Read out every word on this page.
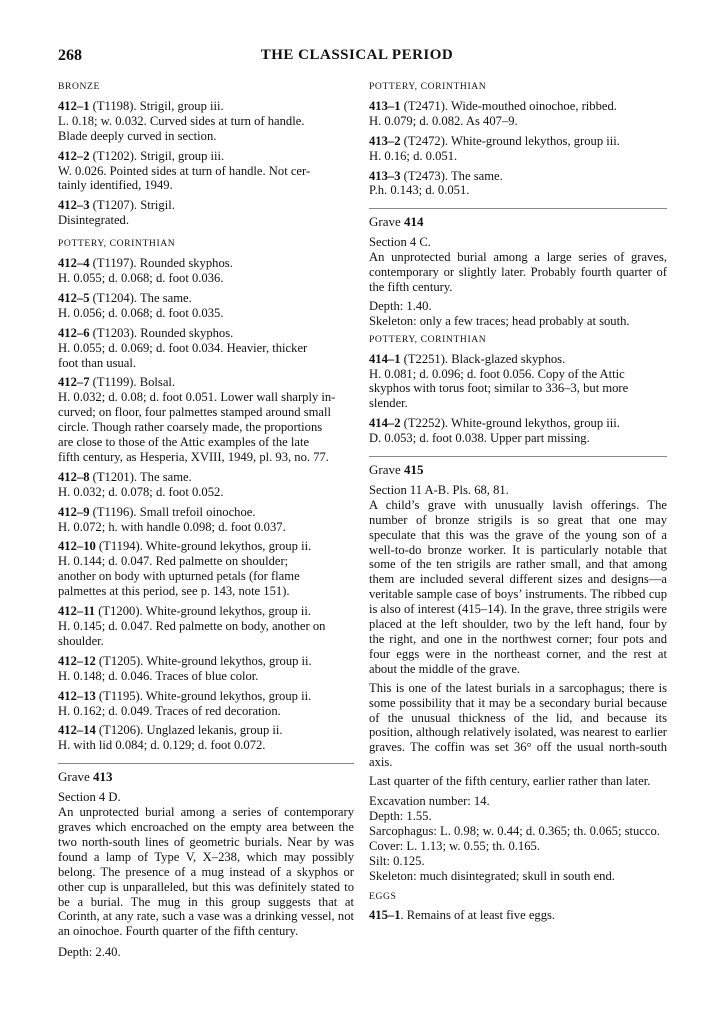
268	THE CLASSICAL PERIOD
BRONZE
412–1 (T1198). Strigil, group iii.
L. 0.18; w. 0.032. Curved sides at turn of handle.
Blade deeply curved in section.
412–2 (T1202). Strigil, group iii.
W. 0.026. Pointed sides at turn of handle. Not cer-
tainly identified, 1949.
412–3 (T1207). Strigil.
Disintegrated.
POTTERY, CORINTHIAN
412–4 (T1197). Rounded skyphos.
H. 0.055; d. 0.068; d. foot 0.036.
412–5 (T1204). The same.
H. 0.056; d. 0.068; d. foot 0.035.
412–6 (T1203). Rounded skyphos.
H. 0.055; d. 0.069; d. foot 0.034. Heavier, thicker
foot than usual.
412–7 (T1199). Bolsal.
H. 0.032; d. 0.08; d. foot 0.051. Lower wall sharply in-
curved; on floor, four palmettes stamped around small
circle. Though rather coarsely made, the proportions
are close to those of the Attic examples of the late
fifth century, as Hesperia, XVIII, 1949, pl. 93, no. 77.
412–8 (T1201). The same.
H. 0.032; d. 0.078; d. foot 0.052.
412–9 (T1196). Small trefoil oinochoe.
H. 0.072; h. with handle 0.098; d. foot 0.037.
412–10 (T1194). White-ground lekythos, group ii.
H. 0.144; d. 0.047. Red palmette on shoulder;
another on body with upturned petals (for flame
palmettes at this period, see p. 143, note 151).
412–11 (T1200). White-ground lekythos, group ii.
H. 0.145; d. 0.047. Red palmette on body, another on
shoulder.
412–12 (T1205). White-ground lekythos, group ii.
H. 0.148; d. 0.046. Traces of blue color.
412–13 (T1195). White-ground lekythos, group ii.
H. 0.162; d. 0.049. Traces of red decoration.
412–14 (T1206). Unglazed lekanis, group ii.
H. with lid 0.084; d. 0.129; d. foot 0.072.
Grave 413
Section 4 D.
An unprotected burial among a series of contemporary graves which encroached on the empty area between the two north-south lines of geometric burials. Near by was found a lamp of Type V, X–238, which may possibly belong. The presence of a mug instead of a skyphos or other cup is unparalleled, but this was definitely stated to be a burial. The mug in this group suggests that at Corinth, at any rate, such a vase was a drinking vessel, not an oinochoe. Fourth quarter of the fifth century.
Depth: 2.40.
POTTERY, CORINTHIAN
413–1 (T2471). Wide-mouthed oinochoe, ribbed.
H. 0.079; d. 0.082. As 407–9.
413–2 (T2472). White-ground lekythos, group iii.
H. 0.16; d. 0.051.
413–3 (T2473). The same.
P.h. 0.143; d. 0.051.
Grave 414
Section 4 C.
An unprotected burial among a large series of graves, contemporary or slightly later. Probably fourth quarter of the fifth century.
Depth: 1.40.
Skeleton: only a few traces; head probably at south.
POTTERY, CORINTHIAN
414–1 (T2251). Black-glazed skyphos.
H. 0.081; d. 0.096; d. foot 0.056. Copy of the Attic
skyphos with torus foot; similar to 336–3, but more
slender.
414–2 (T2252). White-ground lekythos, group iii.
D. 0.053; d. foot 0.038. Upper part missing.
Grave 415
Section 11 A-B. Pls. 68, 81.
A child’s grave with unusually lavish offerings. The number of bronze strigils is so great that one may speculate that this was the grave of the young son of a well-to-do bronze worker. It is particularly notable that some of the ten strigils are rather small, and that among them are included several different sizes and designs—a veritable sample case of boys’ instruments. The ribbed cup is also of interest (415–14). In the grave, three strigils were placed at the left shoulder, two by the left hand, four by the right, and one in the northwest corner; four pots and four eggs were in the northeast corner, and the rest at about the middle of the grave.
This is one of the latest burials in a sarcophagus; there is some possibility that it may be a secondary burial because of the unusual thickness of the lid, and because its position, although relatively isolated, was nearest to earlier graves. The coffin was set 36° off the usual north-south axis.
Last quarter of the fifth century, earlier rather than later.
Excavation number: 14.
Depth: 1.55.
Sarcophagus: L. 0.98; w. 0.44; d. 0.365; th. 0.065; stucco.
Cover: L. 1.13; w. 0.55; th. 0.165.
Silt: 0.125.
Skeleton: much disintegrated; skull in south end.
EGGS
415–1. Remains of at least five eggs.
